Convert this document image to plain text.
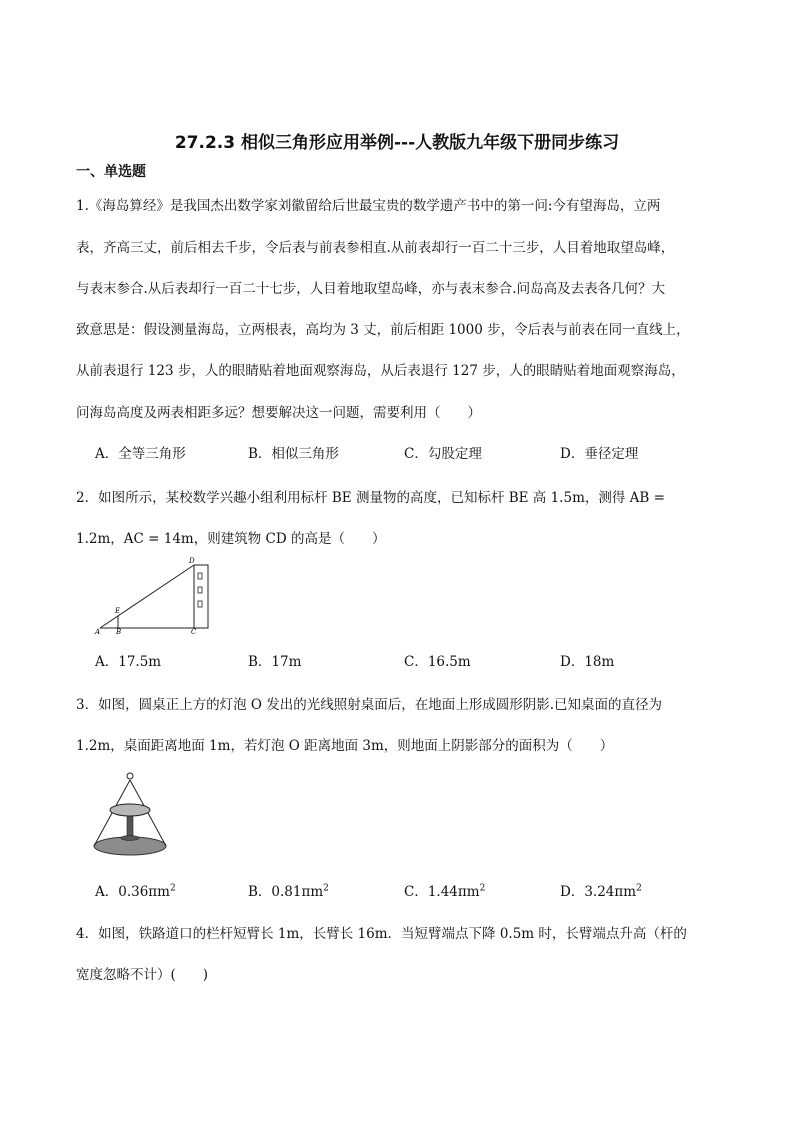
27.2.3 相似三角形应用举例---人教版九年级下册同步练习
一、单选题
1.《海岛算经》是我国杰出数学家刘徽留给后世最宝贵的数学遗产书中的第一问:今有望海岛，立两
表，齐高三丈，前后相去千步，令后表与前表参相直.从前表却行一百二十三步，人目着地取望岛峰，
与表末参合.从后表却行一百二十七步，人目着地取望岛峰，亦与表末参合.问岛高及去表各几何？大
致意思是：假设测量海岛，立两根表，高均为 3 丈，前后相距 1000 步，令后表与前表在同一直线上，
从前表退行 123 步，人的眼睛贴着地面观察海岛，从后表退行 127 步，人的眼睛贴着地面观察海岛，
问海岛高度及两表相距多远？想要解决这一问题，需要利用（　　）
A．全等三角形	B．相似三角形	C．勾股定理	D．垂径定理
2．如图所示，某校数学兴趣小组利用标杆 BE 测量物的高度，已知标杆 BE 高 1.5m，测得 AB =
1.2m，AC = 14m，则建筑物 CD 的高是（　　）
D
E
A B	C
A．17.5m	B．17m	C．16.5m	D．18m
3．如图，圆桌正上方的灯泡 O 发出的光线照射桌面后，在地面上形成圆形阴影.已知桌面的直径为
1.2m，桌面距离地面 1m，若灯泡 O 距离地面 3m，则地面上阴影部分的面积为（　　）
A．$0.36\pi m^2$	B．$0.81\pi m^2$	C．$1.44\pi m^2$	D．$3.24\pi m^2$
4．如图，铁路道口的栏杆短臂长 1m，长臂长 16m．当短臂端点下降 0.5m 时，长臂端点升高（杆的
宽度忽略不计）(　　)
